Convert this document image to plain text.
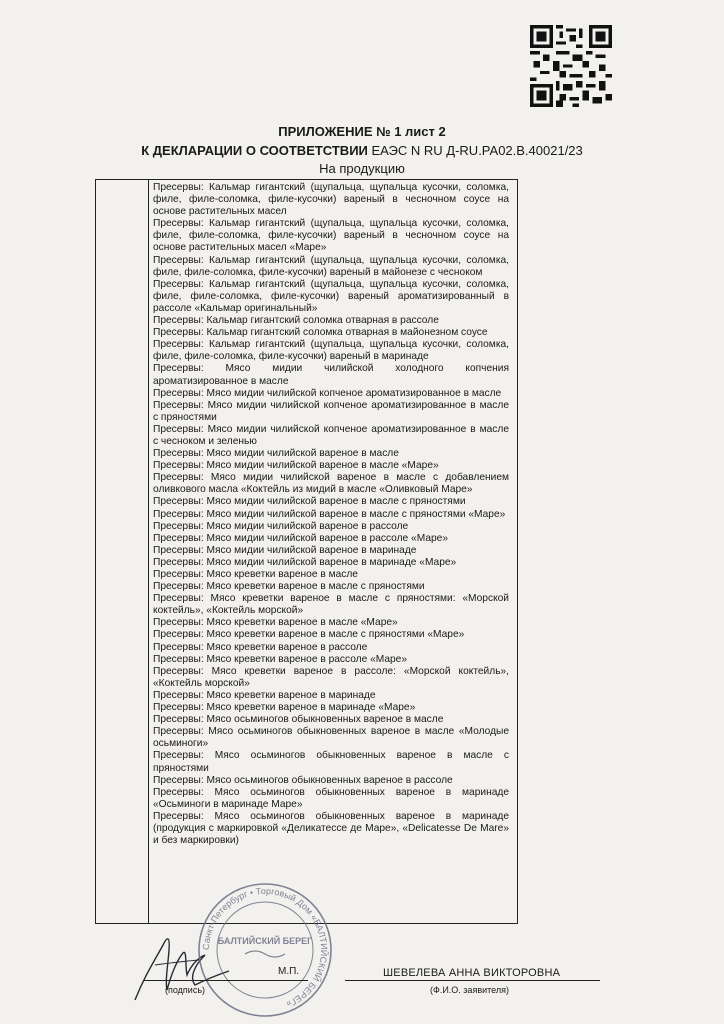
ПРИЛОЖЕНИЕ № 1 лист 2
К ДЕКЛАРАЦИИ О СООТВЕТСТВИИ ЕАЭС N RU Д-RU.PA02.B.40021/23
На продукцию
Пресервы: Кальмар гигантский (щупальца, щупальца кусочки, соломка, филе, филе-соломка, филе-кусочки) вареный в чесночном соусе на основе растительных масел
Пресервы: Кальмар гигантский (щупальца, щупальца кусочки, соломка, филе, филе-соломка, филе-кусочки) вареный в чесночном соусе на основе растительных масел «Маре»
Пресервы: Кальмар гигантский (щупальца, щупальца кусочки, соломка, филе, филе-соломка, филе-кусочки) вареный в майонезе с чесноком
Пресервы: Кальмар гигантский (щупальца, щупальца кусочки, соломка, филе, филе-соломка, филе-кусочки) вареный ароматизированный в рассоле «Кальмар оригинальный»
Пресервы: Кальмар гигантский соломка отварная в рассоле
Пресервы: Кальмар гигантский соломка отварная в майонезном соусе
Пресервы: Кальмар гигантский (щупальца, щупальца кусочки, соломка, филе, филе-соломка, филе-кусочки) вареный в маринаде
Пресервы: Мясо мидии чилийской холодного копчения ароматизированное в масле
Пресервы: Мясо мидии чилийской копченое ароматизированное в масле
Пресервы: Мясо мидии чилийской копченое ароматизированное в масле с пряностями
Пресервы: Мясо мидии чилийской копченое ароматизированное в масле с чесноком и зеленью
Пресервы: Мясо мидии чилийской вареное в масле
Пресервы: Мясо мидии чилийской вареное в масле «Маре»
Пресервы: Мясо мидии чилийской вареное в масле с добавлением оливкового масла «Коктейль из мидий в масле «Оливковый Маре»
Пресервы: Мясо мидии чилийской вареное в масле с пряностями
Пресервы: Мясо мидии чилийской вареное в масле с пряностями «Маре»
Пресервы: Мясо мидии чилийской вареное в рассоле
Пресервы: Мясо мидии чилийской вареное в рассоле «Маре»
Пресервы: Мясо мидии чилийской вареное в маринаде
Пресервы: Мясо мидии чилийской вареное в маринаде «Маре»
Пресервы: Мясо креветки вареное в масле
Пресервы: Мясо креветки вареное в масле с пряностями
Пресервы: Мясо креветки вареное в масле с пряностями: «Морской коктейль», «Коктейль морской»
Пресервы: Мясо креветки вареное в масле «Маре»
Пресервы: Мясо креветки вареное в масле с пряностями «Маре»
Пресервы: Мясо креветки вареное в рассоле
Пресервы: Мясо креветки вареное в рассоле «Маре»
Пресервы: Мясо креветки вареное в рассоле: «Морской коктейль», «Коктейль морской»
Пресервы: Мясо креветки вареное в маринаде
Пресервы: Мясо креветки вареное в маринаде «Маре»
Пресервы: Мясо осьминогов обыкновенных вареное в масле
Пресервы: Мясо осьминогов обыкновенных вареное в масле «Молодые осьминоги»
Пресервы: Мясо осьминогов обыкновенных вареное в масле с пряностями
Пресервы: Мясо осьминогов обыкновенных вареное в рассоле
Пресервы: Мясо осьминогов обыкновенных вареное в маринаде «Осьминоги в маринаде Маре»
Пресервы: Мясо осьминогов обыкновенных вареное в маринаде (продукция с маркировкой «Деликатессе де Маре», «Delicatesse De Mare» и без маркировки)
Санкт-Петербург • Торговый Дом «БАЛТИЙСКИЙ БЕРЕГ»
БАЛТИЙСКИЙ БЕРЕГ
М.П.
(подпись)
ШЕВЕЛЕВА АННА ВИКТОРОВНА
(Ф.И.О. заявителя)
